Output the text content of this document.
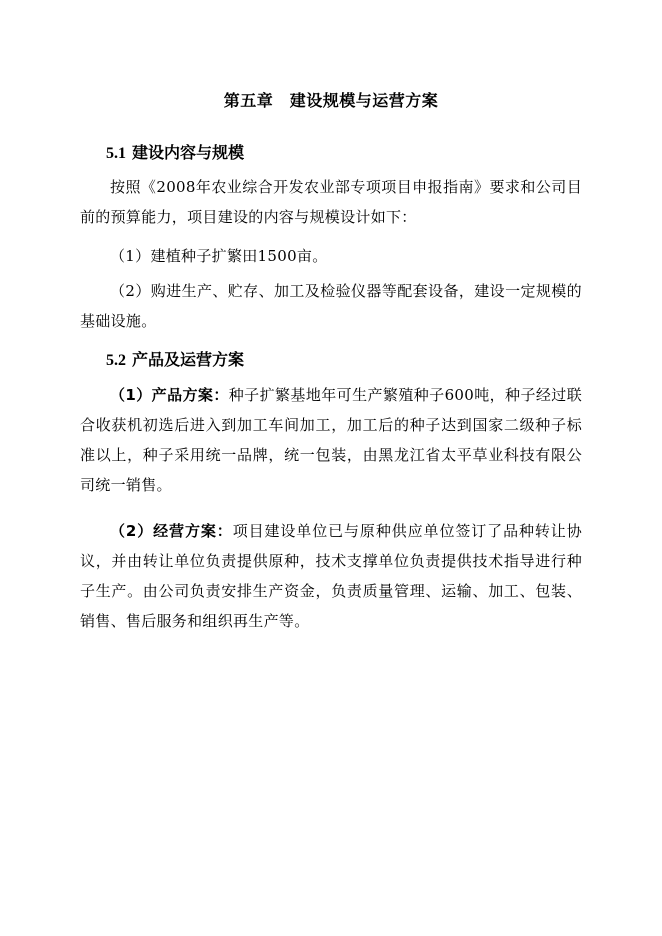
第五章　建设规模与运营方案
5.1 建设内容与规模

按照《2008年农业综合开发农业部专项项目申报指南》要求和公司目前的预算能力，项目建设的内容与规模设计如下：

（1）建植种子扩繁田1500亩。

（2）购进生产、贮存、加工及检验仪器等配套设备，建设一定规模的基础设施。

5.2 产品及运营方案

（1）产品方案：种子扩繁基地年可生产繁殖种子600吨，种子经过联合收获机初选后进入到加工车间加工，加工后的种子达到国家二级种子标准以上，种子采用统一品牌，统一包装，由黑龙江省太平草业科技有限公司统一销售。

（2）经营方案：项目建设单位已与原种供应单位签订了品种转让协议，并由转让单位负责提供原种，技术支撑单位负责提供技术指导进行种子生产。由公司负责安排生产资金，负责质量管理、运输、加工、包装、销售、售后服务和组织再生产等。
